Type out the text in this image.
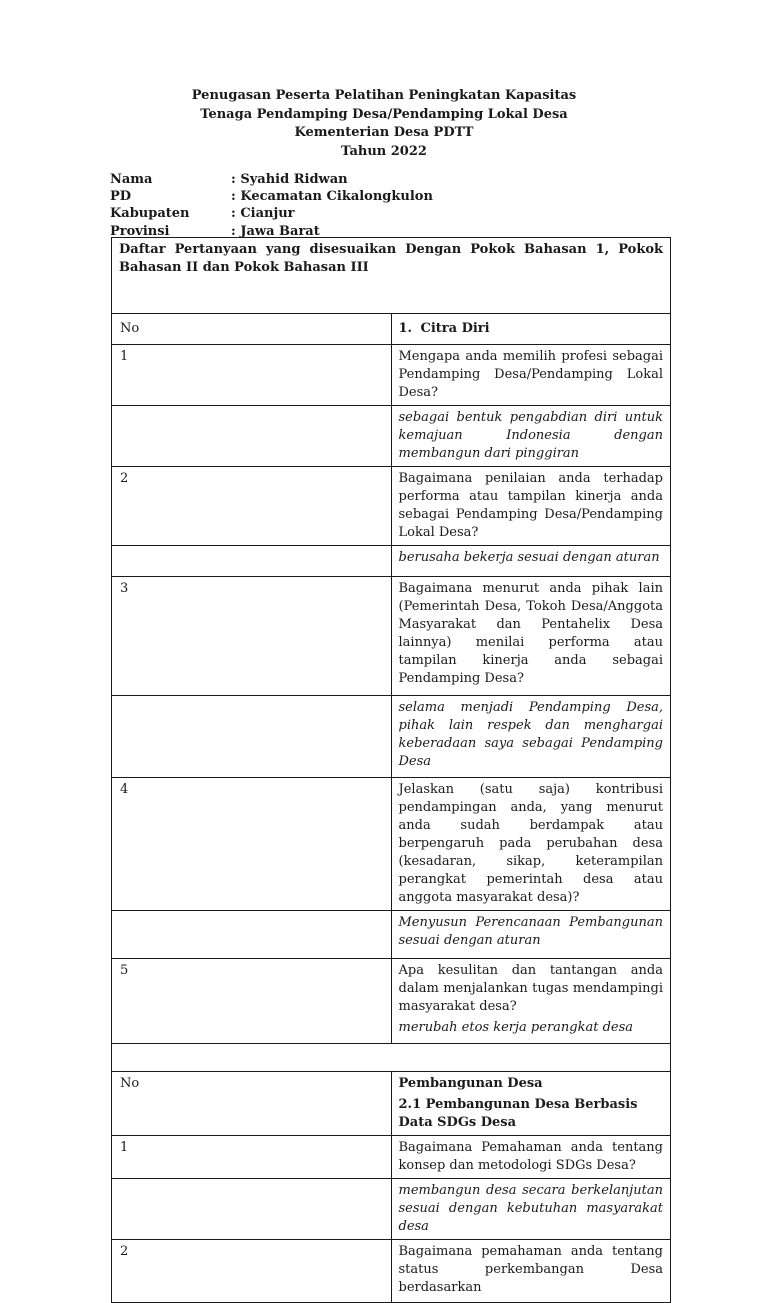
Penugasan Peserta Pelatihan Peningkatan Kapasitas
Tenaga Pendamping Desa/Pendamping Lokal Desa
Kementerian Desa PDTT
Tahun 2022
Nama	: Syahid Ridwan
PD	: Kecamatan Cikalongkulon
Kabupaten	: Cianjur
Provinsi	: Jawa Barat
Daftar Pertanyaan yang disesuaikan Dengan Pokok Bahasan 1, Pokok Bahasan II dan Pokok Bahasan III	
No	1. Citra Diri
1	Mengapa anda memilih profesi sebagai Pendamping Desa/Pendamping Lokal Desa?
	sebagai bentuk pengabdian diri untuk kemajuan Indonesia dengan membangun dari pinggiran
2	Bagaimana penilaian anda terhadap performa atau tampilan kinerja anda sebagai Pendamping Desa/Pendamping Lokal Desa?
	berusaha bekerja sesuai dengan aturan
3	Bagaimana menurut anda pihak lain (Pemerintah Desa, Tokoh Desa/Anggota Masyarakat dan Pentahelix Desa lainnya) menilai performa atau tampilan kinerja anda sebagai Pendamping Desa?
	selama menjadi Pendamping Desa, pihak lain respek dan menghargai keberadaan saya sebagai Pendamping Desa
4	Jelaskan (satu saja) kontribusi pendampingan anda, yang menurut anda sudah berdampak atau berpengaruh pada perubahan desa (kesadaran, sikap, keterampilan perangkat pemerintah desa atau anggota masyarakat desa)?
	Menyusun Perencanaan Pembangunan sesuai dengan aturan
5	Apa kesulitan dan tantangan anda dalam menjalankan tugas mendampingi masyarakat desa?
merubah etos kerja perangkat desa

No	Pembangunan Desa
2.1 Pembangunan Desa Berbasis Data SDGs Desa

1	Bagaimana Pemahaman anda tentang konsep dan metodologi SDGs Desa?
	membangun desa secara berkelanjutan sesuai dengan kebutuhan masyarakat desa
2	Bagaimana pemahaman anda tentang status perkembangan Desa berdasarkan
